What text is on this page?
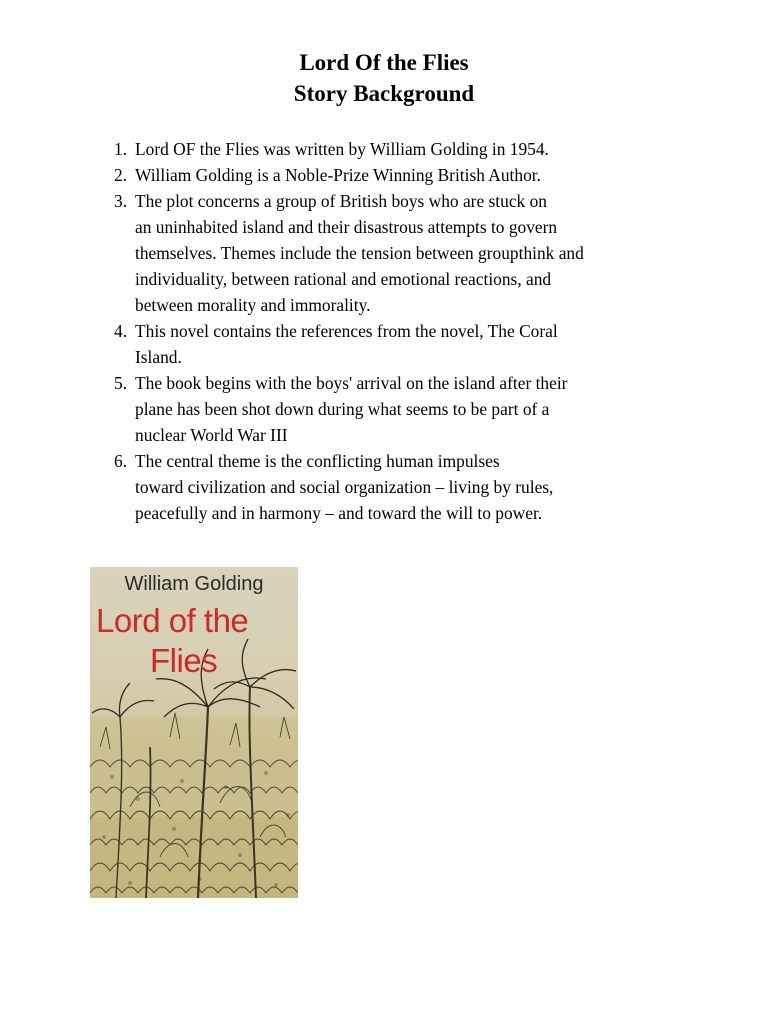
Lord Of the Flies
Story Background
1. Lord OF the Flies was written by William Golding in 1954.
2. William Golding is a Noble-Prize Winning British Author.
3. The plot concerns a group of British boys who are stuck on
an uninhabited island and their disastrous attempts to govern
themselves. Themes include the tension between groupthink and
individuality, between rational and emotional reactions, and
between morality and immorality.
4. This novel contains the references from the novel, The Coral
Island.
5. The book begins with the boys' arrival on the island after their
plane has been shot down during what seems to be part of a
nuclear World War III
6. The central theme is the conflicting human impulses
toward civilization and social organization – living by rules,
peacefully and in harmony – and toward the will to power.
William Golding
Lord of the
Flies
